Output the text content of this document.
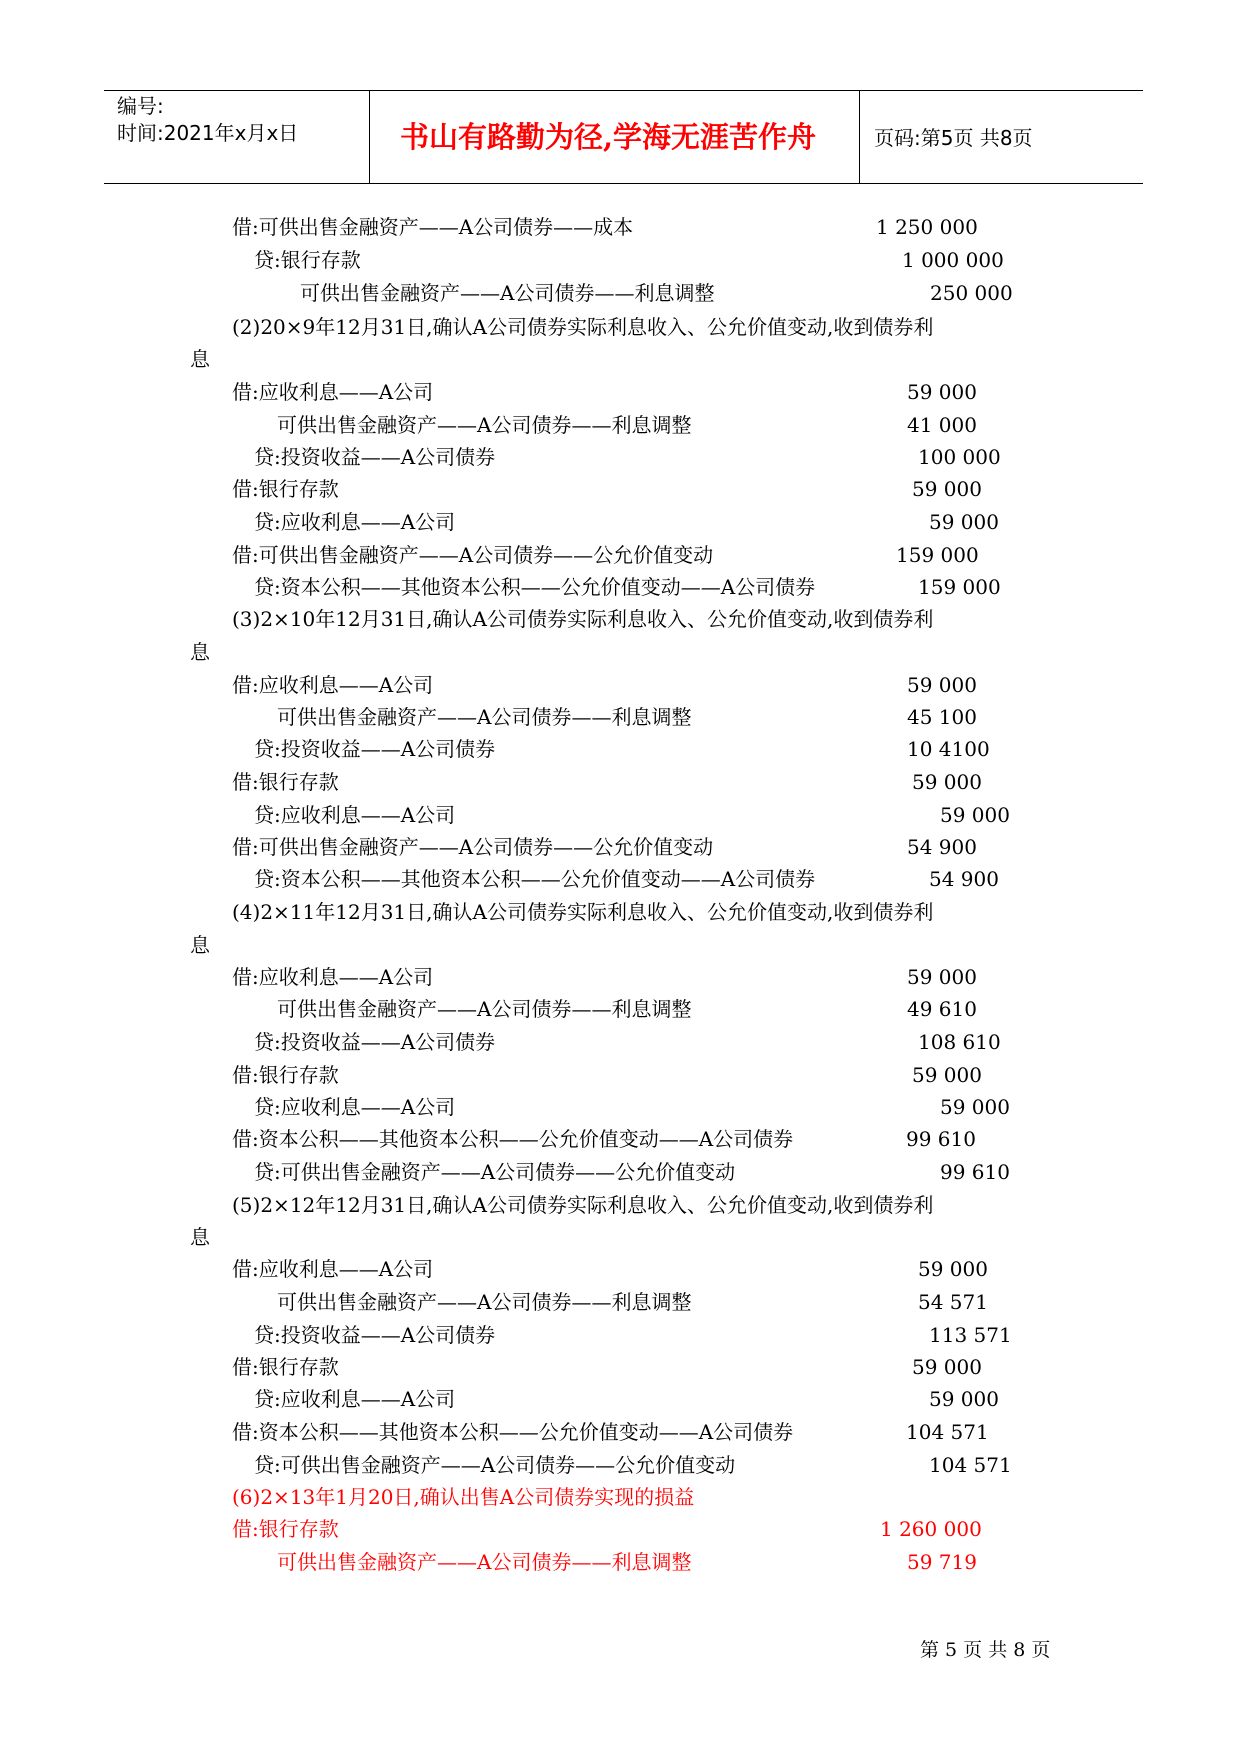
编号:
时间:2021年x月x日	书山有路勤为径,学海无涯苦作舟	页码:第5页 共8页
借:可供出售金融资产——A公司债券——成本	1 250 000
贷:银行存款	1 000 000
可供出售金融资产——A公司债券——利息调整	250 000
(2)20×9年12月31日,确认A公司债券实际利息收入、公允价值变动,收到债券利
息
借:应收利息——A公司	59 000
可供出售金融资产——A公司债券——利息调整	41 000
贷:投资收益——A公司债券	100 000
借:银行存款	59 000
贷:应收利息——A公司	59 000
借:可供出售金融资产——A公司债券——公允价值变动	159 000
贷:资本公积——其他资本公积——公允价值变动——A公司债券	159 000
(3)2×10年12月31日,确认A公司债券实际利息收入、公允价值变动,收到债券利
息
借:应收利息——A公司	59 000
可供出售金融资产——A公司债券——利息调整	45 100
贷:投资收益——A公司债券	10 4100
借:银行存款	59 000
贷:应收利息——A公司	59 000
借:可供出售金融资产——A公司债券——公允价值变动	54 900
贷:资本公积——其他资本公积——公允价值变动——A公司债券	54 900
(4)2×11年12月31日,确认A公司债券实际利息收入、公允价值变动,收到债券利
息
借:应收利息——A公司	59 000
可供出售金融资产——A公司债券——利息调整	49 610
贷:投资收益——A公司债券	108 610
借:银行存款	59 000
贷:应收利息——A公司	59 000
借:资本公积——其他资本公积——公允价值变动——A公司债券	99 610
贷:可供出售金融资产——A公司债券——公允价值变动	99 610
(5)2×12年12月31日,确认A公司债券实际利息收入、公允价值变动,收到债券利
息
借:应收利息——A公司	59 000
可供出售金融资产——A公司债券——利息调整	54 571
贷:投资收益——A公司债券	113 571
借:银行存款	59 000
贷:应收利息——A公司	59 000
借:资本公积——其他资本公积——公允价值变动——A公司债券	104 571
贷:可供出售金融资产——A公司债券——公允价值变动	104 571
(6)2×13年1月20日,确认出售A公司债券实现的损益
借:银行存款	1 260 000
可供出售金融资产——A公司债券——利息调整	59 719
第 5 页 共 8 页
